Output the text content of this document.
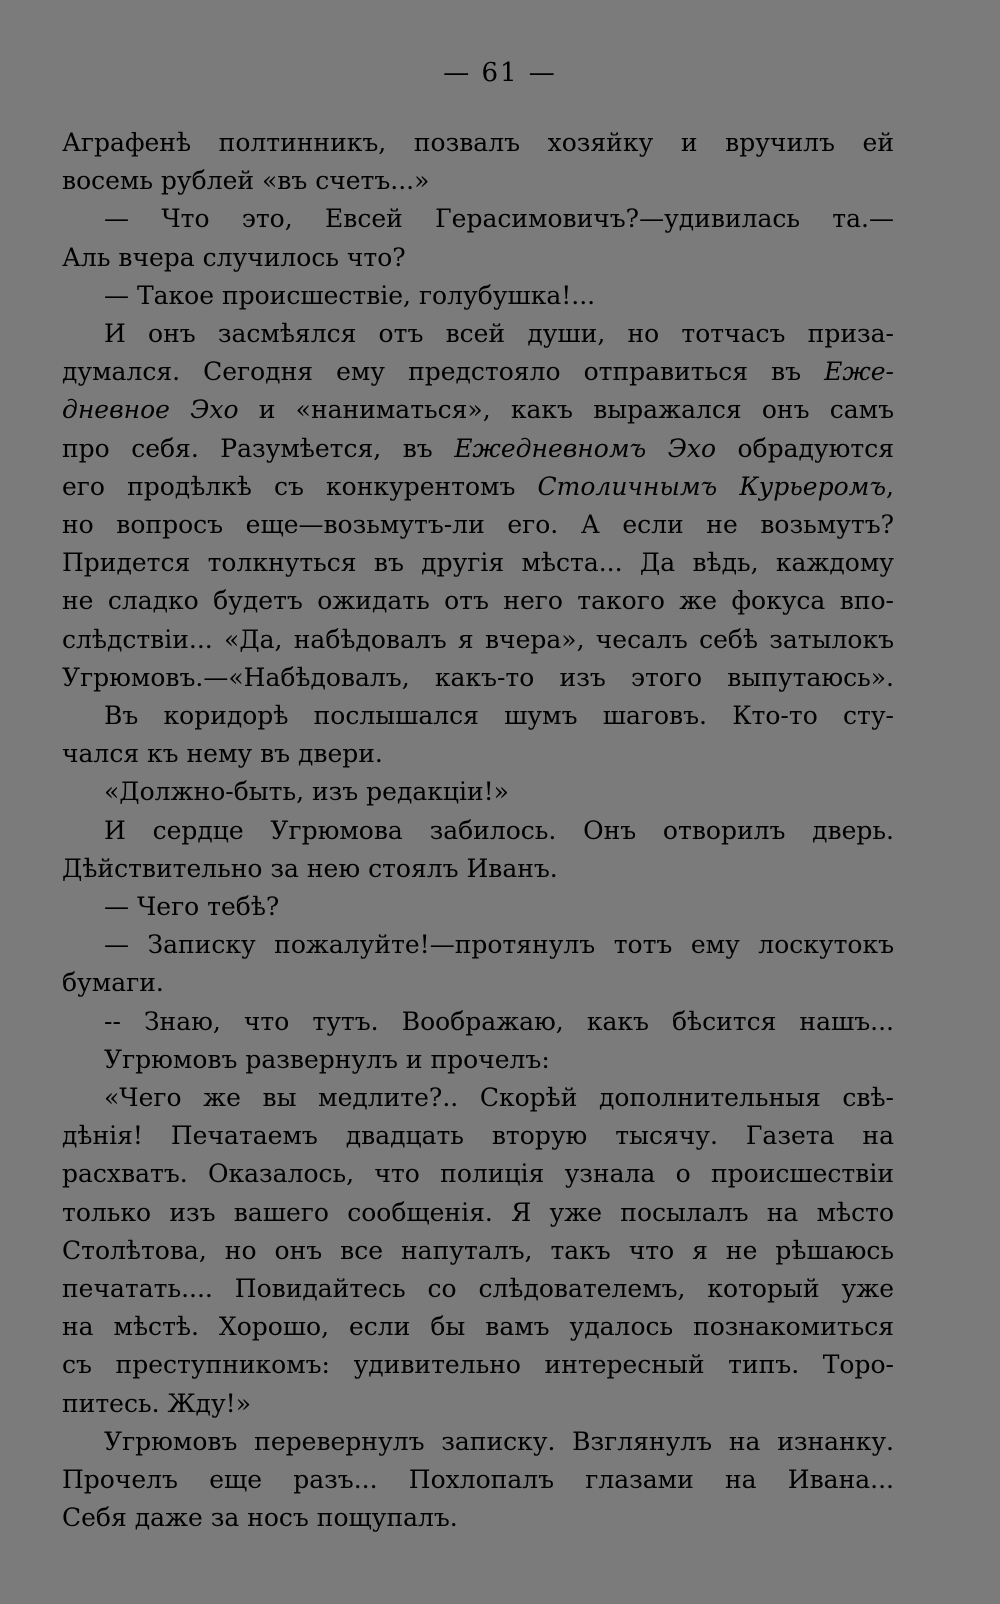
— 61 —
Аграфенѣ полтинникъ, позвалъ хозяйку и вручилъ ей
восемь рублей «въ счетъ...»
— Что это, Евсей Герасимовичъ?—удивилась та.—
Аль вчера случилось что?
— Такое происшествіе, голубушка!...
И онъ засмѣялся отъ всей души, но тотчасъ призa-
думался. Сегодня ему предстояло отправиться въ Ежe-
дневное Эхо и «наниматься», какъ выражался онъ самъ
про себя. Разумѣется, въ Ежедневномъ Эхо обрадуются
его продѣлкѣ съ конкурентомъ Столичнымъ Курьеромъ,
но вопросъ еще—возьмутъ-ли его. А если не возьмутъ?
Придется толкнуться въ другія мѣста... Да вѣдь, каждому
не сладко будетъ ожидать отъ него такого же фокуса впо-
слѣдствіи... «Да, набѣдовалъ я вчера», чесалъ себѣ затылокъ
Угрюмовъ.—«Набѣдовалъ, какъ-то изъ этого выпутаюсь».
Въ коридорѣ послышался шумъ шаговъ. Кто-то сту-
чался къ нему въ двери.
«Должно-быть, изъ редакціи!»
И сердце Угрюмова забилось. Онъ отворилъ дверь.
Дѣйствительно за нею стоялъ Иванъ.
— Чего тебѣ?
— Записку пожалуйте!—протянулъ тотъ ему лоскутокъ
бумаги.
-- Знаю, что тутъ. Воображаю, какъ бѣсится нашъ...
Угрюмовъ развернулъ и прочелъ:
«Чего же вы медлите?.. Скорѣй дополнительныя свѣ-
дѣнія! Печатаемъ двадцать вторую тысячу. Газета на
расхватъ. Оказалось, что полиція узнала о происшествіи
только изъ вашего сообщенія. Я уже посылалъ на мѣсто
Столѣтова, но онъ все напуталъ, такъ что я не рѣшаюсь
печатать.... Повидайтесь со слѣдователемъ, который уже
на мѣстѣ. Хорошо, если бы вамъ удалось познакомиться
съ преступникомъ: удивительно интересный типъ. Торо-
питесь. Жду!»
Угрюмовъ перевернулъ записку. Взглянулъ на изнанку.
Прочелъ еще разъ... Похлопалъ глазами на Ивана...
Себя даже за носъ пощупалъ.
